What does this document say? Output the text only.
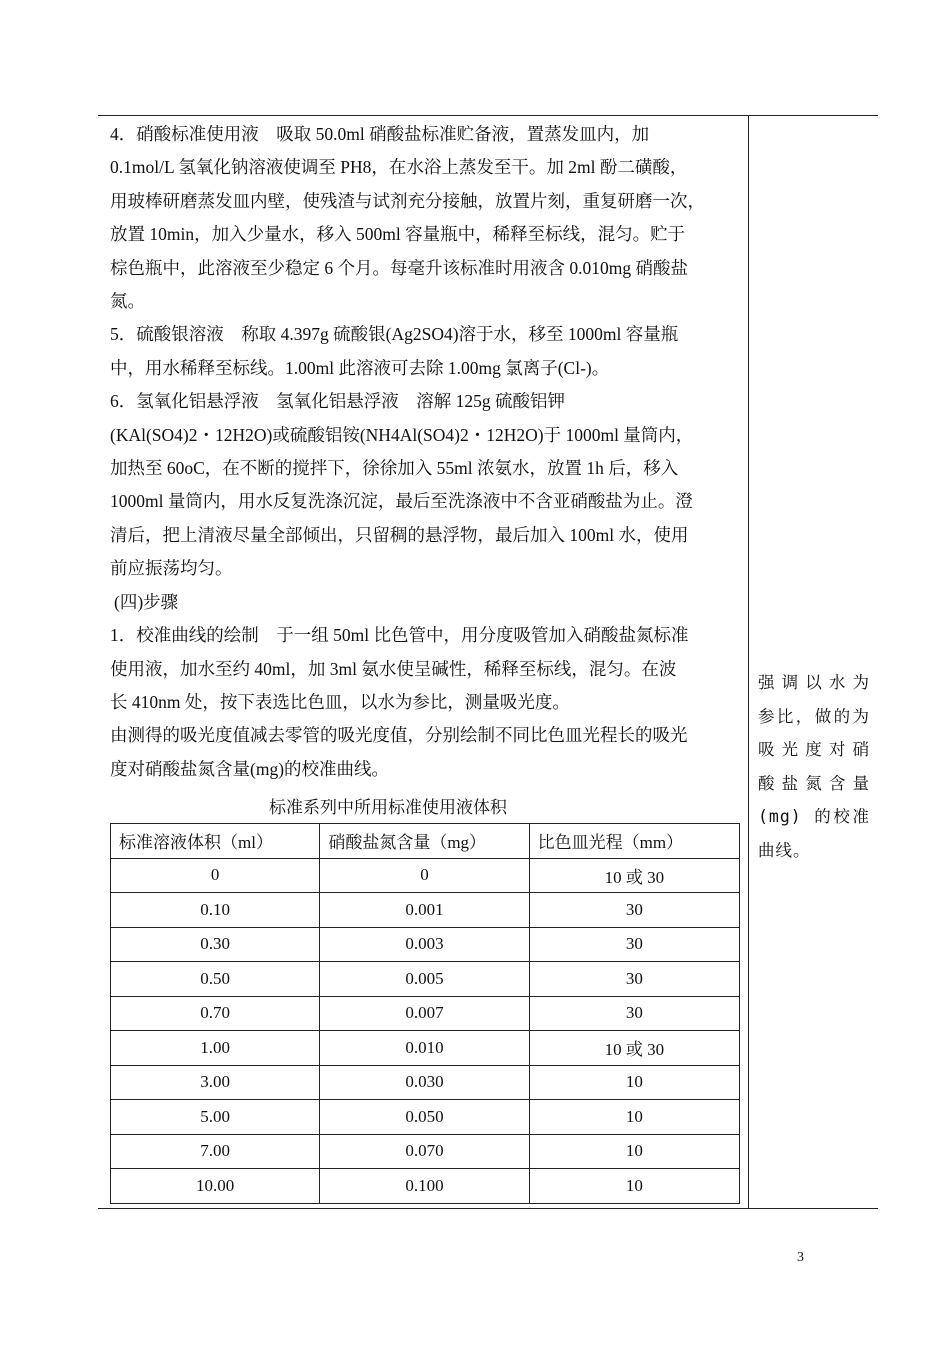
4．硝酸标准使用液　吸取 50.0ml 硝酸盐标准贮备液，置蒸发皿内，加

0.1mol/L 氢氧化钠溶液使调至 PH8，在水浴上蒸发至干。加 2ml 酚二磺酸，

用玻棒研磨蒸发皿内壁，使残渣与试剂充分接触，放置片刻，重复研磨一次，

放置 10min，加入少量水，移入 500ml 容量瓶中，稀释至标线，混匀。贮于

棕色瓶中，此溶液至少稳定 6 个月。每毫升该标准时用液含 0.010mg 硝酸盐

氮。

5．硫酸银溶液　称取 4.397g 硫酸银(Ag2SO4)溶于水，移至 1000ml 容量瓶

中，用水稀释至标线。1.00ml 此溶液可去除 1.00mg 氯离子(Cl-)。

6．氢氧化铝悬浮液　氢氧化铝悬浮液　溶解 125g 硫酸铝钾

(KAl(SO4)2・12H2O)或硫酸铝铵(NH4Al(SO4)2・12H2O)于 1000ml 量筒内，

加热至 60oC，在不断的搅拌下，徐徐加入 55ml 浓氨水，放置 1h 后，移入

1000ml 量筒内，用水反复洗涤沉淀，最后至洗涤液中不含亚硝酸盐为止。澄

清后，把上清液尽量全部倾出，只留稠的悬浮物，最后加入 100ml 水，使用

前应振荡均匀。

(四)步骤

1．校准曲线的绘制　于一组 50ml 比色管中，用分度吸管加入硝酸盐氮标准

使用液，加水至约 40ml，加 3ml 氨水使呈碱性，稀释至标线，混匀。在波

长 410nm 处，按下表选比色皿，以水为参比，测量吸光度。

由测得的吸光度值减去零管的吸光度值，分别绘制不同比色皿光程长的吸光

度对硝酸盐氮含量(mg)的校准曲线。

标准系列中所用标准使用液体积
标准溶液体积（ml）	硝酸盐氮含量（mg）	比色皿光程（mm）
0	0	10 或 30
0.10	0.001	30
0.30	0.003	30
0.50	0.005	30
0.70	0.007	30
1.00	0.010	10 或 30
3.00	0.030	10
5.00	0.050	10
7.00	0.070	10
10.00	0.100	10
强调以水为
参比，做的为
吸光度对硝
酸盐氮含量
(mg) 的校准
曲线。
3
